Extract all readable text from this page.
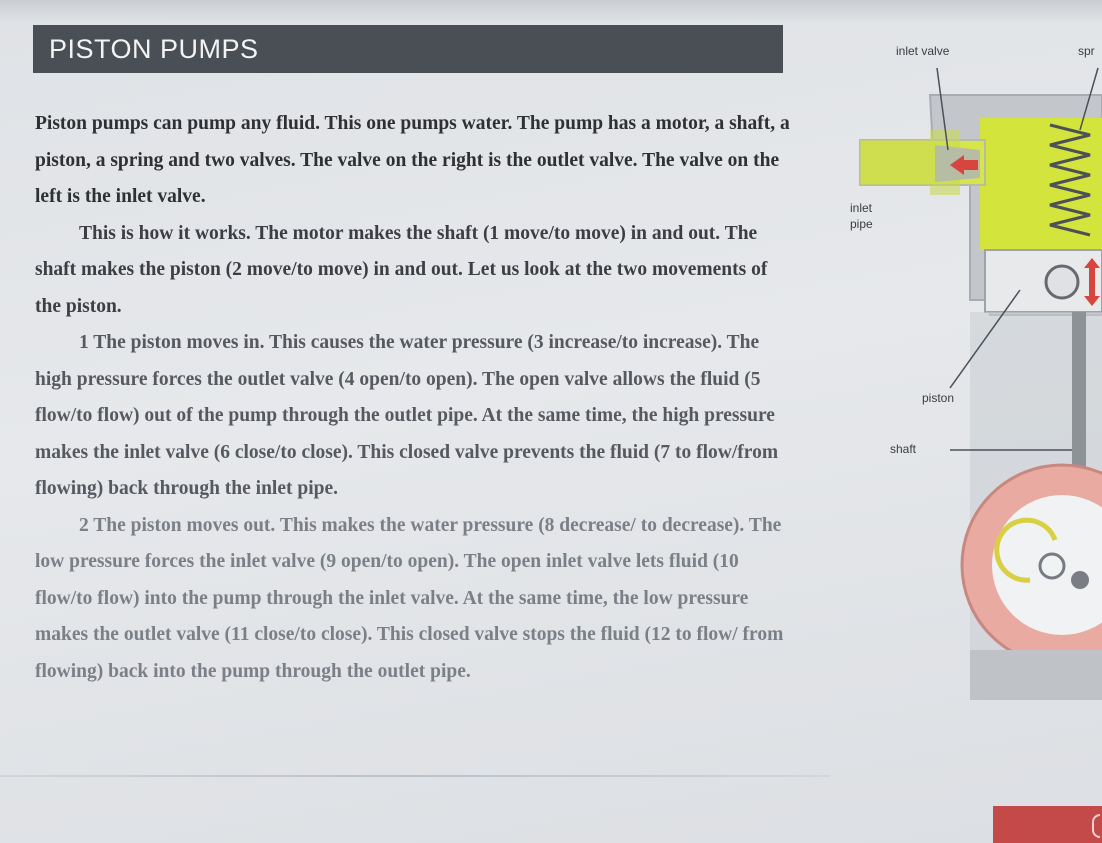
PISTON PUMPS

Piston pumps can pump any fluid. This one pumps water. The pump has a motor, a shaft, a piston, a spring and two valves. The valve on the right is the outlet valve. The valve on the left is the inlet valve.

This is how it works. The motor makes the shaft (1 move/to move) in and out. The shaft makes the piston (2 move/to move) in and out. Let us look at the two movements of the piston.

1 The piston moves in. This causes the water pressure (3 increase/to increase). The high pressure forces the outlet valve (4 open/to open). The open valve allows the fluid (5 flow/to flow) out of the pump through the outlet pipe. At the same time, the high pressure makes the inlet valve (6 close/to close). This closed valve prevents the fluid (7 to flow/from flowing) back through the inlet pipe.

2 The piston moves out. This makes the water pressure (8 decrease/ to decrease). The low pressure forces the inlet valve (9 open/to open). The open inlet valve lets fluid (10 flow/to flow) into the pump through the inlet valve. At the same time, the low pressure makes the outlet valve (11 close/to close). This closed valve stops the fluid (12 to flow/ from flowing) back into the pump through the outlet pipe.

inlet valve	spr
inlet pipe
piston
shaft
